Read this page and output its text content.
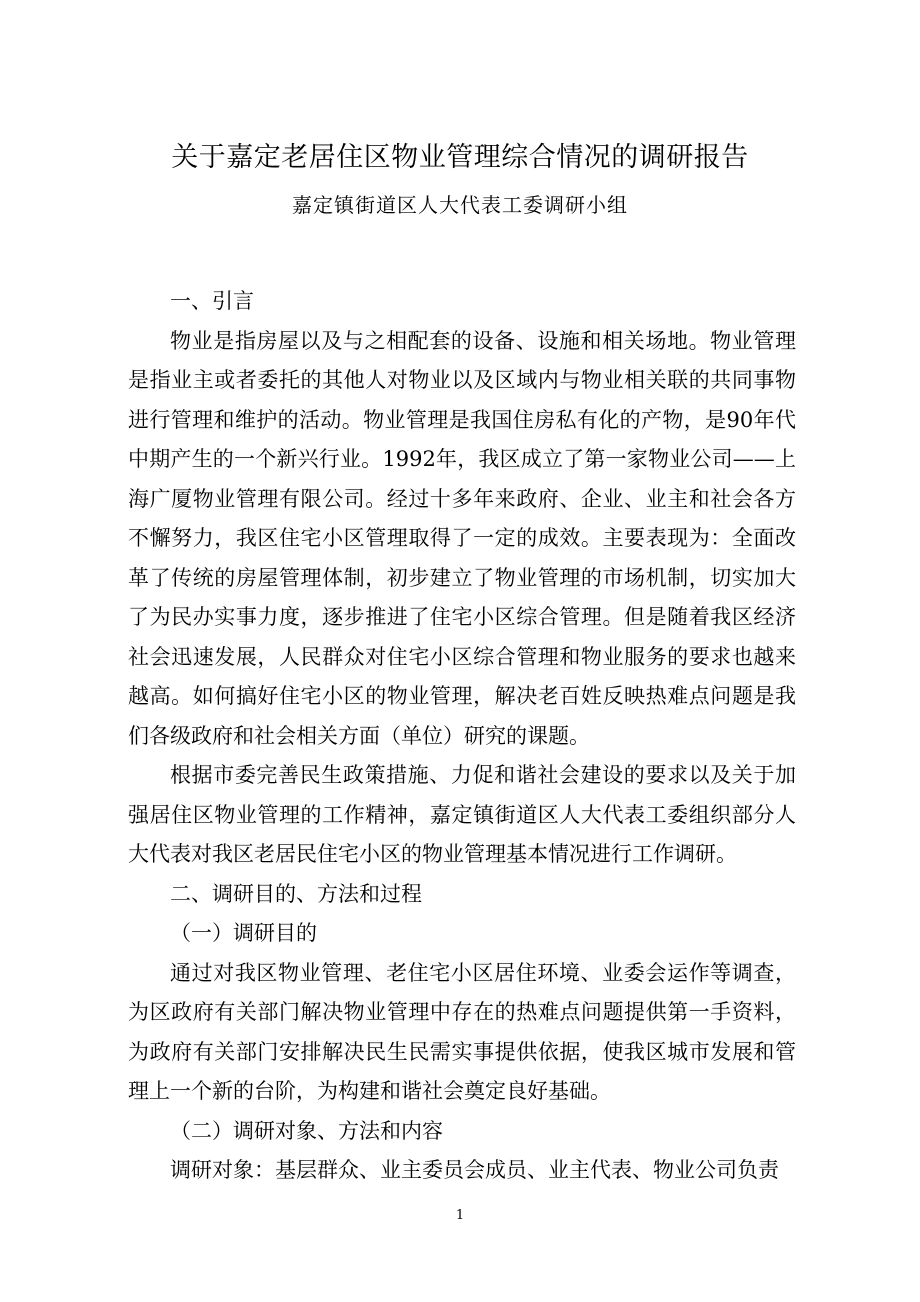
关于嘉定老居住区物业管理综合情况的调研报告
嘉定镇街道区人大代表工委调研小组
一、引言

物业是指房屋以及与之相配套的设备、设施和相关场地。物业管理是指业主或者委托的其他人对物业以及区域内与物业相关联的共同事物进行管理和维护的活动。物业管理是我国住房私有化的产物，是90年代中期产生的一个新兴行业。1992年，我区成立了第一家物业公司——上海广厦物业管理有限公司。经过十多年来政府、企业、业主和社会各方不懈努力，我区住宅小区管理取得了一定的成效。主要表现为：全面改革了传统的房屋管理体制，初步建立了物业管理的市场机制，切实加大了为民办实事力度，逐步推进了住宅小区综合管理。但是随着我区经济社会迅速发展，人民群众对住宅小区综合管理和物业服务的要求也越来越高。如何搞好住宅小区的物业管理，解决老百姓反映热难点问题是我们各级政府和社会相关方面（单位）研究的课题。

根据市委完善民生政策措施、力促和谐社会建设的要求以及关于加强居住区物业管理的工作精神，嘉定镇街道区人大代表工委组织部分人大代表对我区老居民住宅小区的物业管理基本情况进行工作调研。

二、调研目的、方法和过程
（一）调研目的

通过对我区物业管理、老住宅小区居住环境、业委会运作等调查，为区政府有关部门解决物业管理中存在的热难点问题提供第一手资料，为政府有关部门安排解决民生民需实事提供依据，使我区城市发展和管理上一个新的台阶，为构建和谐社会奠定良好基础。

（二）调研对象、方法和内容

调研对象：基层群众、业主委员会成员、业主代表、物业公司负责

1
